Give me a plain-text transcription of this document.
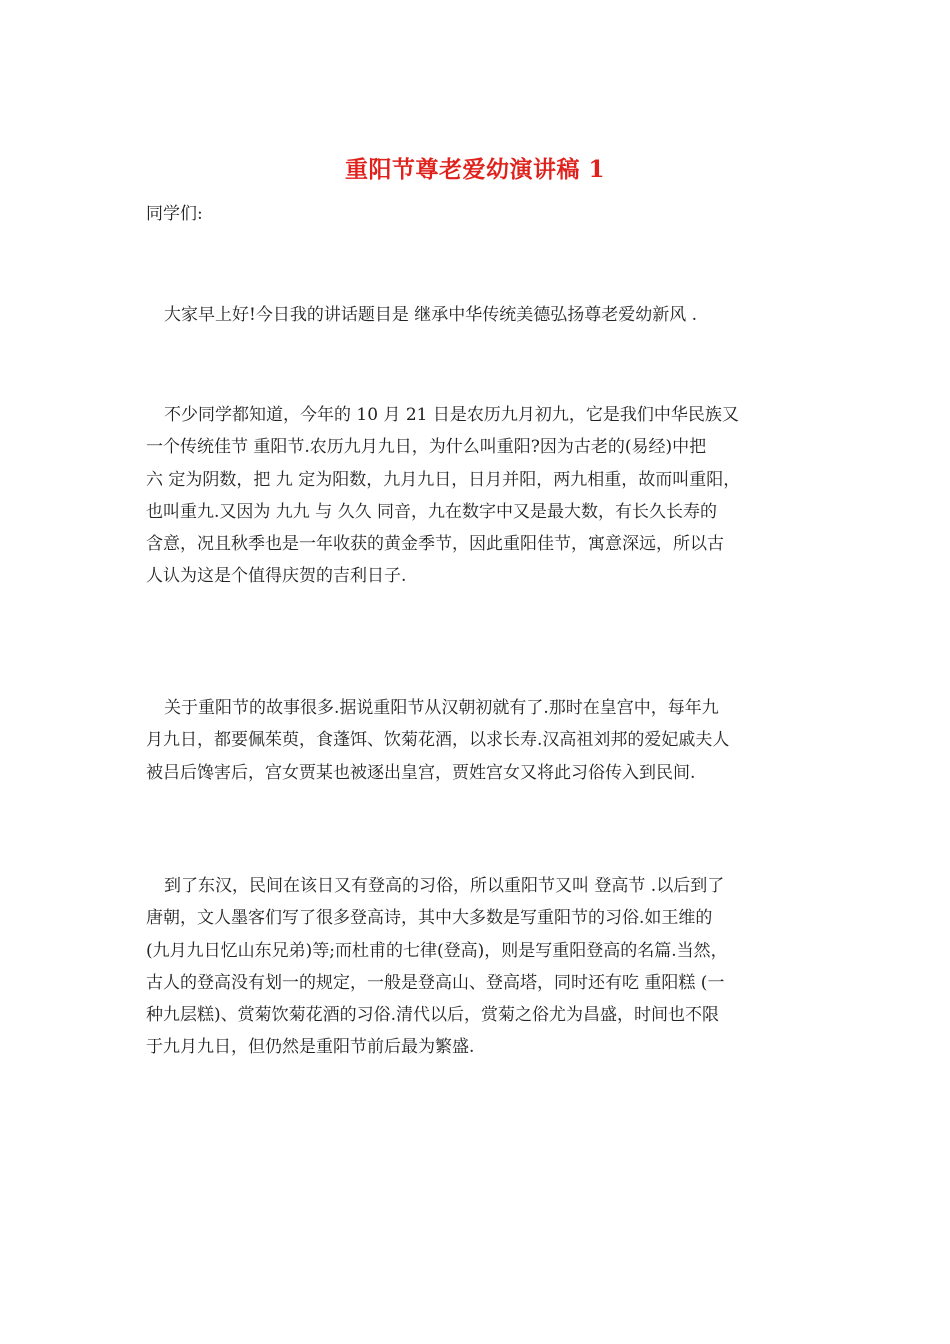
重阳节尊老爱幼演讲稿 1
同学们:
大家早上好!今日我的讲话题目是 继承中华传统美德弘扬尊老爱幼新风 .
不少同学都知道，今年的 10 月 21 日是农历九月初九，它是我们中华民族又
一个传统佳节 重阳节.农历九月九日，为什么叫重阳?因为古老的(易经)中把
六 定为阴数，把 九 定为阳数，九月九日，日月并阳，两九相重，故而叫重阳，
也叫重九.又因为 九九 与 久久 同音，九在数字中又是最大数，有长久长寿的
含意，况且秋季也是一年收获的黄金季节，因此重阳佳节，寓意深远，所以古
人认为这是个值得庆贺的吉利日子.
关于重阳节的故事很多.据说重阳节从汉朝初就有了.那时在皇宫中，每年九
月九日，都要佩茱萸，食蓬饵、饮菊花酒，以求长寿.汉高祖刘邦的爱妃戚夫人
被吕后馋害后，宫女贾某也被逐出皇宫，贾姓宫女又将此习俗传入到民间.
到了东汉，民间在该日又有登高的习俗，所以重阳节又叫 登高节 .以后到了
唐朝，文人墨客们写了很多登高诗，其中大多数是写重阳节的习俗.如王维的
(九月九日忆山东兄弟)等;而杜甫的七律(登高)，则是写重阳登高的名篇.当然，
古人的登高没有划一的规定，一般是登高山、登高塔，同时还有吃 重阳糕 (一
种九层糕)、赏菊饮菊花酒的习俗.清代以后，赏菊之俗尤为昌盛，时间也不限
于九月九日，但仍然是重阳节前后最为繁盛.
